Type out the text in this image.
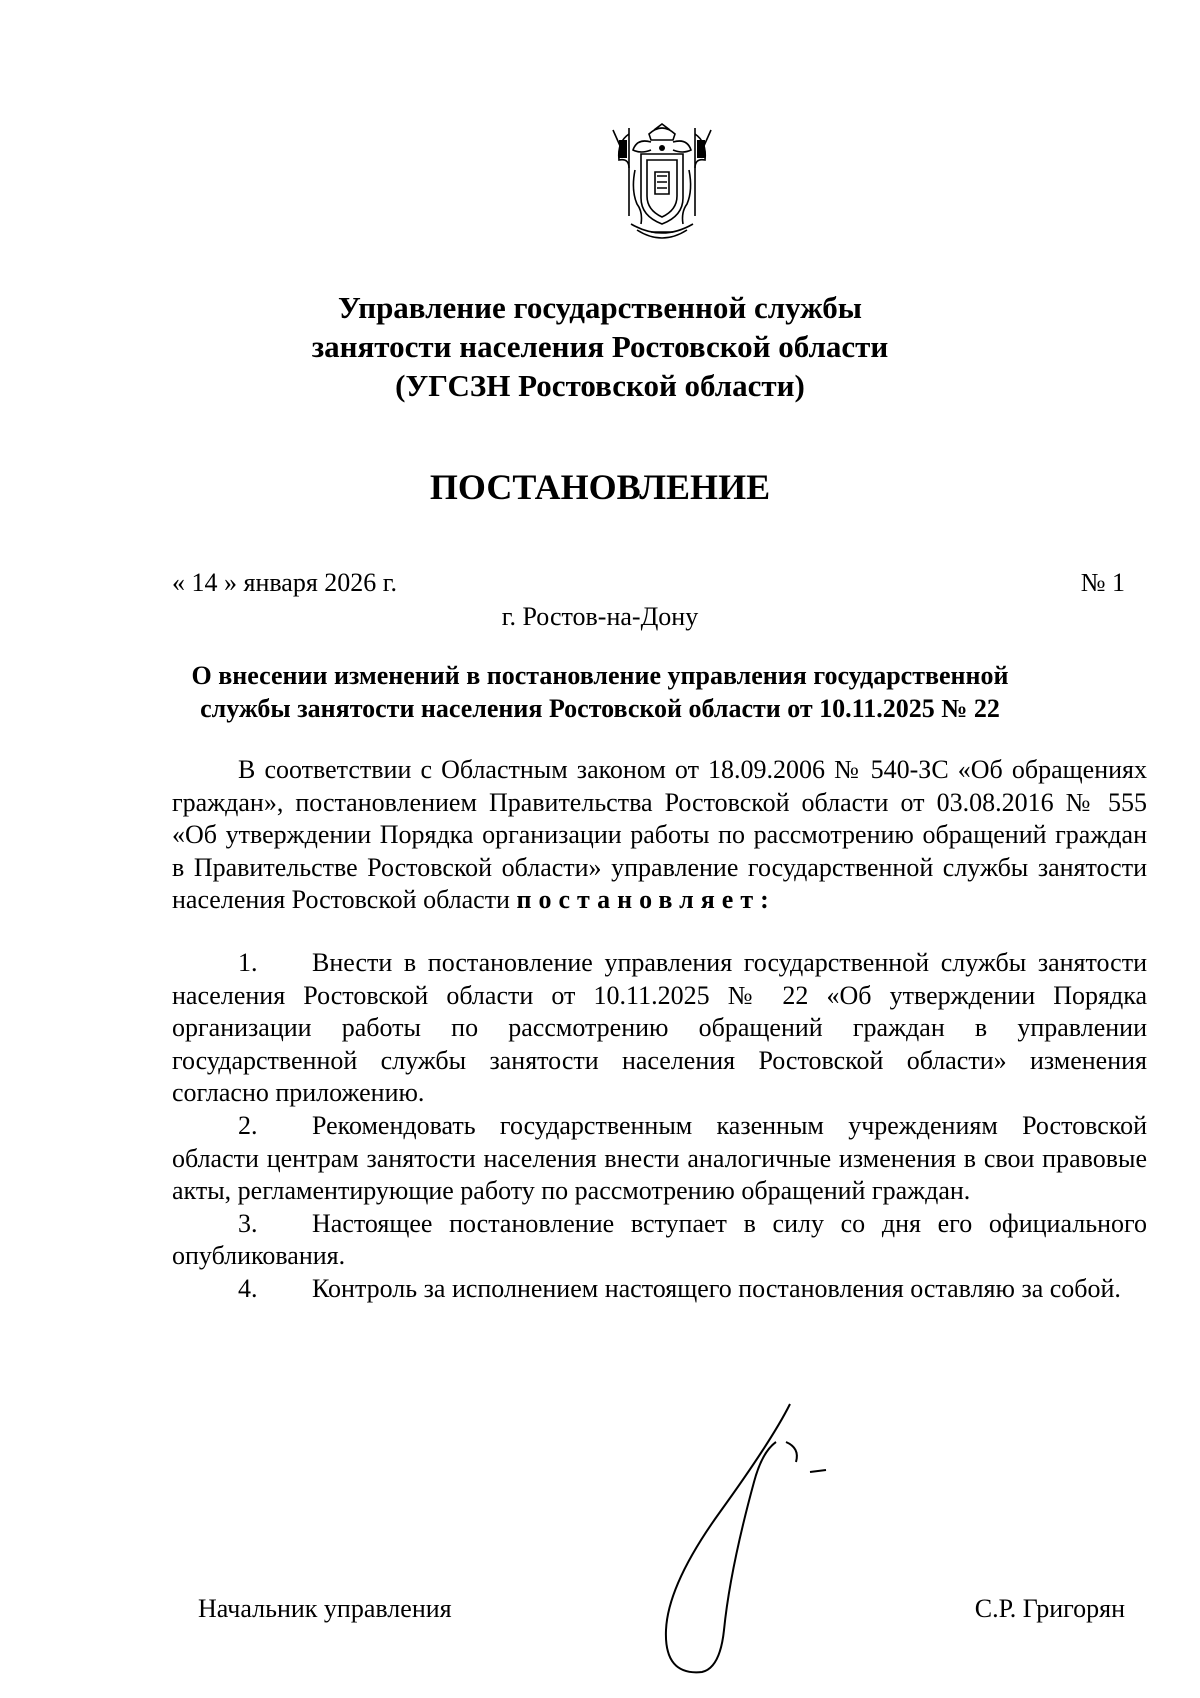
Управление государственной службы
занятости населения Ростовской области
(УГСЗН Ростовской области)
ПОСТАНОВЛЕНИЕ
« 14 » января 2026 г.	№ 1
г. Ростов-на-Дону
О внесении изменений в постановление управления государственной
службы занятости населения Ростовской области от 10.11.2025 № 22

В соответствии с Областным законом от 18.09.2006 № 540-ЗС «Об обращениях граждан», постановлением Правительства Ростовской области от 03.08.2016 № 555 «Об утверждении Порядка организации работы по рассмотрению обращений граждан в Правительстве Ростовской области» управление государственной службы занятости населения Ростовской области постановляет:

1. Внести в постановление управления государственной службы занятости населения Ростовской области от 10.11.2025 № 22 «Об утверждении Порядка организации работы по рассмотрению обращений граждан в управлении государственной службы занятости населения Ростовской области» изменения согласно приложению.

2. Рекомендовать государственным казенным учреждениям Ростовской области центрам занятости населения внести аналогичные изменения в свои правовые акты, регламентирующие работу по рассмотрению обращений граждан.

3. Настоящее постановление вступает в силу со дня его официального опубликования.

4. Контроль за исполнением настоящего постановления оставляю за собой.

Начальник управления	С.Р. Григорян
